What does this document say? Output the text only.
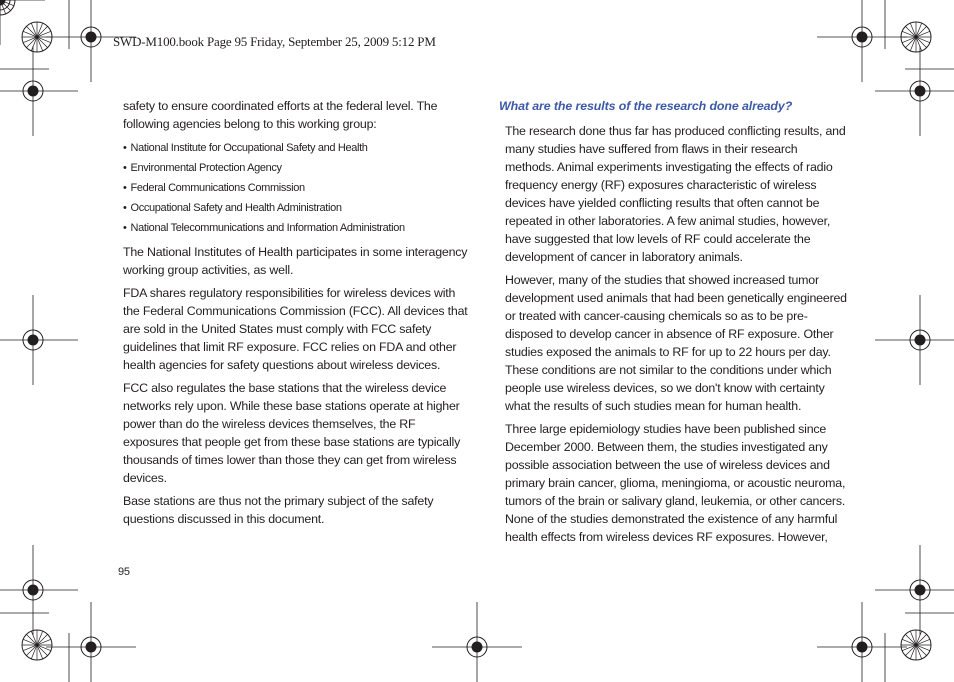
SWD-M100.book Page 95 Friday, September 25, 2009 5:12 PM

safety to ensure coordinated efforts at the federal level. The following agencies belong to this working group:

• National Institute for Occupational Safety and Health
• Environmental Protection Agency
• Federal Communications Commission
• Occupational Safety and Health Administration
• National Telecommunications and Information Administration

The National Institutes of Health participates in some interagency working group activities, as well.

FDA shares regulatory responsibilities for wireless devices with the Federal Communications Commission (FCC). All devices that are sold in the United States must comply with FCC safety guidelines that limit RF exposure. FCC relies on FDA and other health agencies for safety questions about wireless devices.

FCC also regulates the base stations that the wireless device networks rely upon. While these base stations operate at higher power than do the wireless devices themselves, the RF exposures that people get from these base stations are typically thousands of times lower than those they can get from wireless devices.

Base stations are thus not the primary subject of the safety questions discussed in this document.

What are the results of the research done already?

The research done thus far has produced conflicting results, and many studies have suffered from flaws in their research methods. Animal experiments investigating the effects of radio frequency energy (RF) exposures characteristic of wireless devices have yielded conflicting results that often cannot be repeated in other laboratories. A few animal studies, however, have suggested that low levels of RF could accelerate the development of cancer in laboratory animals.

However, many of the studies that showed increased tumor development used animals that had been genetically engineered or treated with cancer-causing chemicals so as to be pre-disposed to develop cancer in absence of RF exposure. Other studies exposed the animals to RF for up to 22 hours per day. These conditions are not similar to the conditions under which people use wireless devices, so we don't know with certainty what the results of such studies mean for human health.

Three large epidemiology studies have been published since December 2000. Between them, the studies investigated any possible association between the use of wireless devices and primary brain cancer, glioma, meningioma, or acoustic neuroma, tumors of the brain or salivary gland, leukemia, or other cancers. None of the studies demonstrated the existence of any harmful health effects from wireless devices RF exposures. However,

95
